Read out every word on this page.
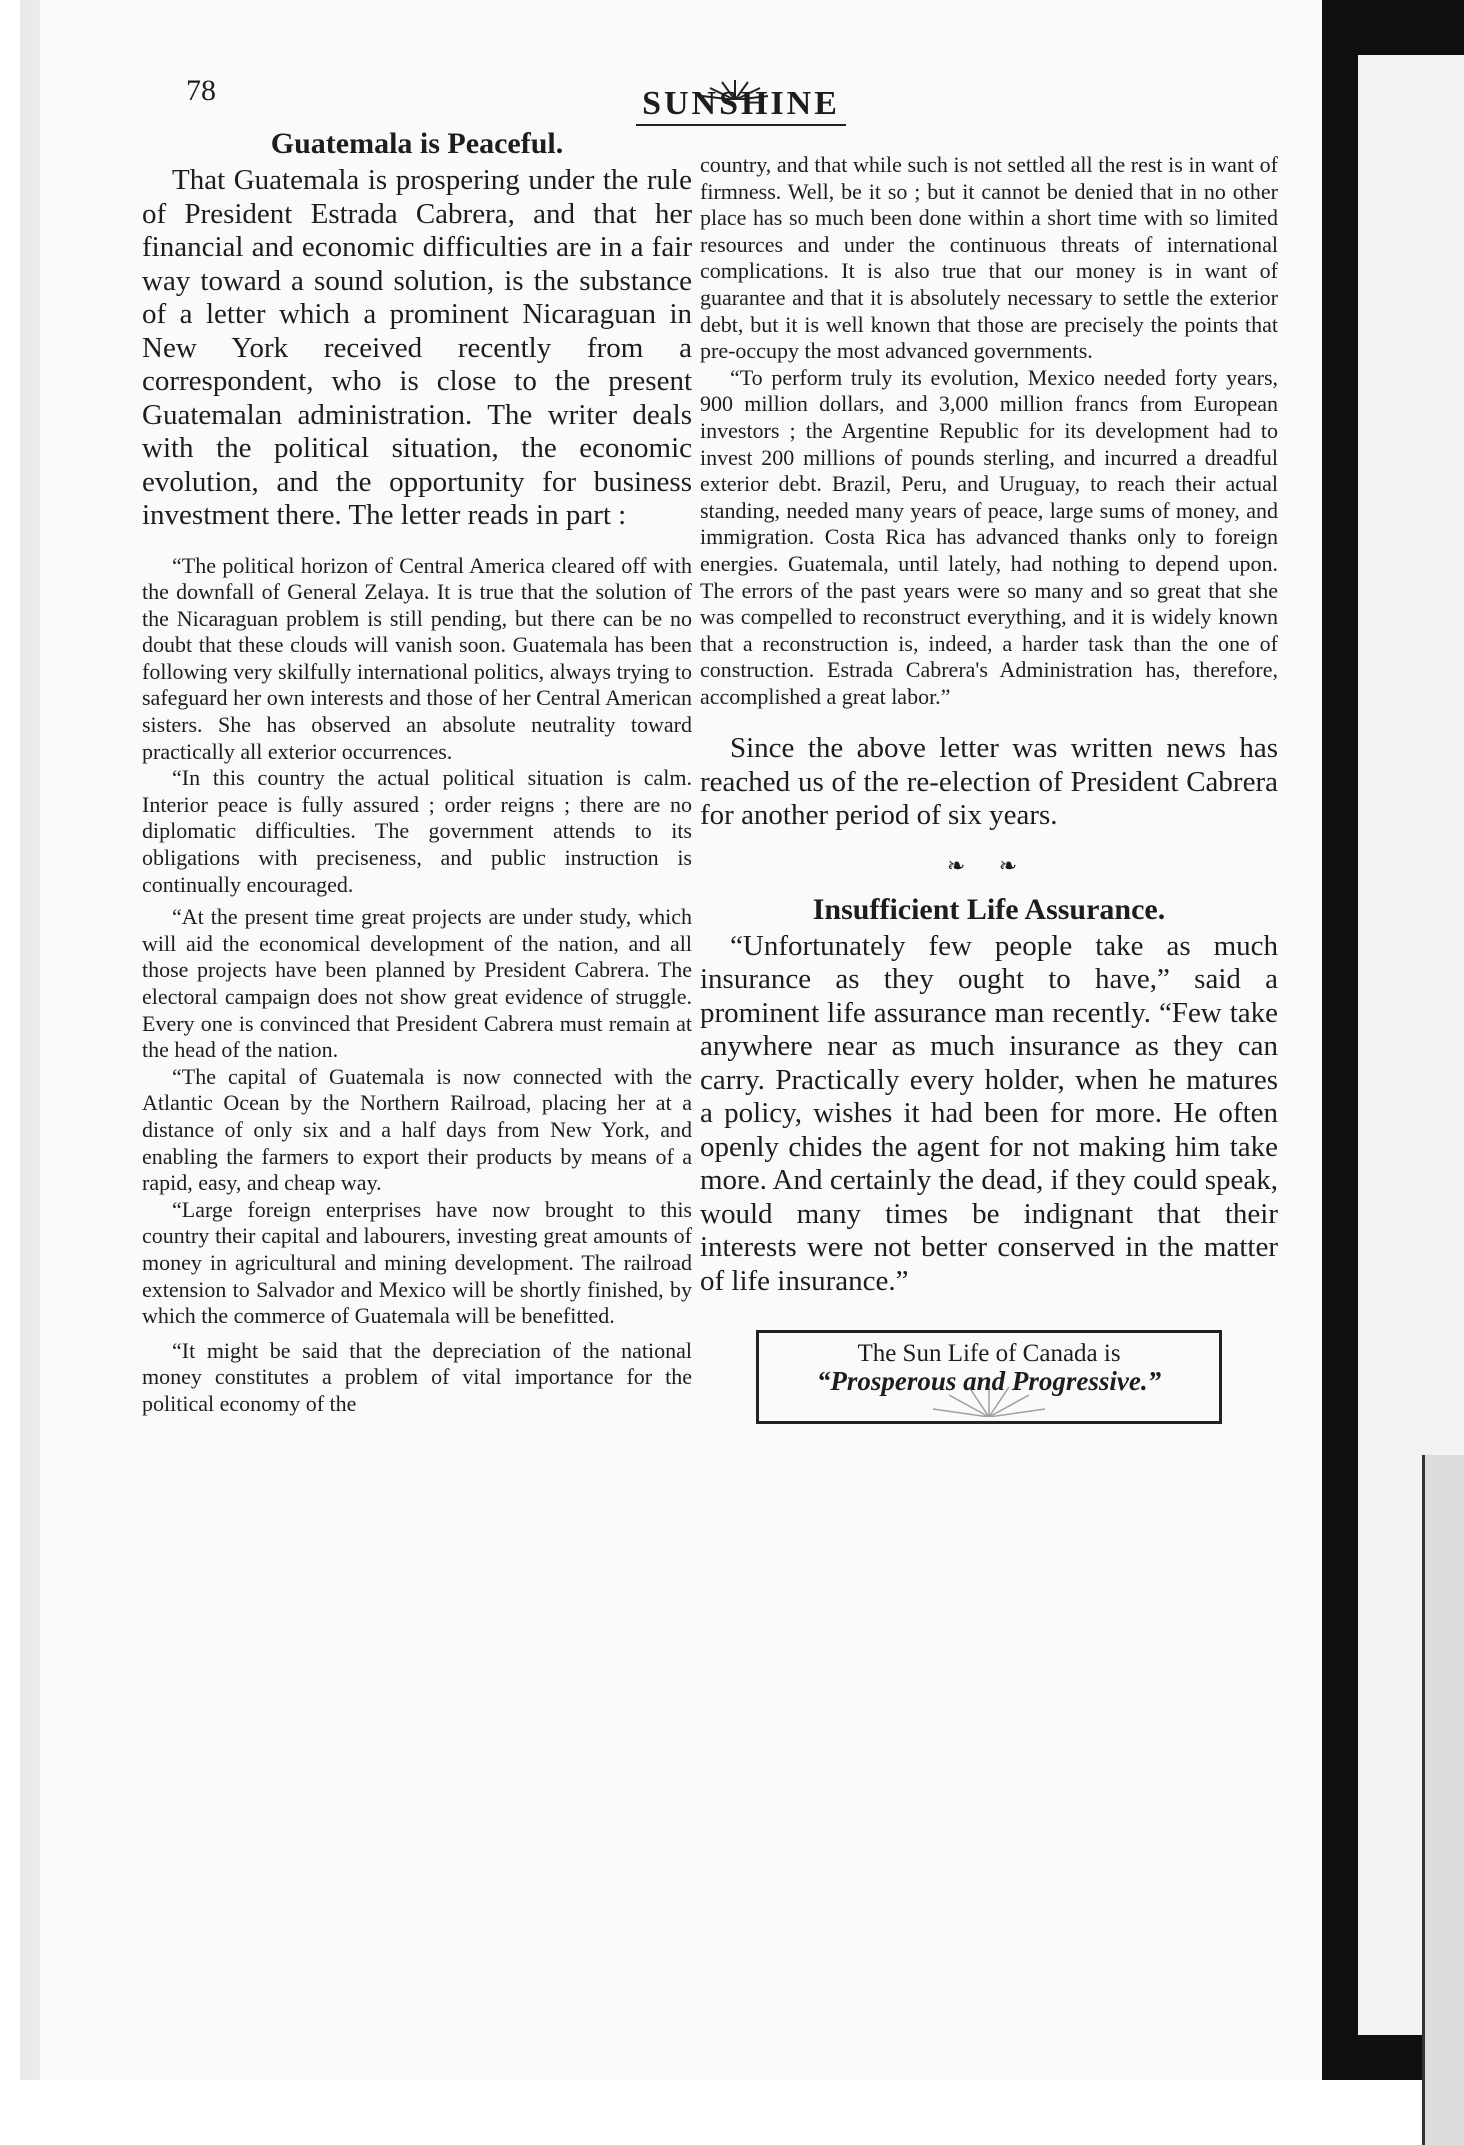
78	SUNSHINE
Guatemala is Peaceful.

That Guatemala is prospering under the rule of President Estrada Cabrera, and that her financial and economic difficulties are in a fair way toward a sound solution, is the substance of a letter which a prominent Nicaraguan in New York received recently from a correspondent, who is close to the present Guatemalan administration. The writer deals with the political situation, the economic evolution, and the opportunity for business investment there. The letter reads in part :

“The political horizon of Central America cleared off with the downfall of General Zelaya. It is true that the solution of the Nicaraguan problem is still pending, but there can be no doubt that these clouds will vanish soon. Guatemala has been following very skilfully international politics, always trying to safeguard her own interests and those of her Central American sisters. She has observed an absolute neutrality toward practically all exterior occurrences.

“In this country the actual political situation is calm. Interior peace is fully assured ; order reigns ; there are no diplomatic difficulties. The government attends to its obligations with preciseness, and public instruction is continually encouraged.

“At the present time great projects are under study, which will aid the economical development of the nation, and all those projects have been planned by President Cabrera. The electoral campaign does not show great evidence of struggle. Every one is convinced that President Cabrera must remain at the head of the nation.

“The capital of Guatemala is now connected with the Atlantic Ocean by the Northern Railroad, placing her at a distance of only six and a half days from New York, and enabling the farmers to export their products by means of a rapid, easy, and cheap way.

“Large foreign enterprises have now brought to this country their capital and labourers, investing great amounts of money in agricultural and mining development. The railroad extension to Salvador and Mexico will be shortly finished, by which the commerce of Guatemala will be benefitted.

“It might be said that the depreciation of the national money constitutes a problem of vital importance for the political economy of the

country, and that while such is not settled all the rest is in want of firmness. Well, be it so ; but it cannot be denied that in no other place has so much been done within a short time with so limited resources and under the continuous threats of international complications. It is also true that our money is in want of guarantee and that it is absolutely necessary to settle the exterior debt, but it is well known that those are precisely the points that pre-occupy the most advanced governments.

“To perform truly its evolution, Mexico needed forty years, 900 million dollars, and 3,000 million francs from European investors ; the Argentine Republic for its development had to invest 200 millions of pounds sterling, and incurred a dreadful exterior debt. Brazil, Peru, and Uruguay, to reach their actual standing, needed many years of peace, large sums of money, and immigration. Costa Rica has advanced thanks only to foreign energies. Guatemala, until lately, had nothing to depend upon. The errors of the past years were so many and so great that she was compelled to reconstruct everything, and it is widely known that a reconstruction is, indeed, a harder task than the one of construction. Estrada Cabrera's Administration has, therefore, accomplished a great labor.”

Since the above letter was written news has reached us of the re-election of President Cabrera for another period of six years.

❧ ❧
Insufficient Life Assurance.

“Unfortunately few people take as much insurance as they ought to have,” said a prominent life assurance man recently. “Few take anywhere near as much insurance as they can carry. Practically every holder, when he matures a policy, wishes it had been for more. He often openly chides the agent for not making him take more. And certainly the dead, if they could speak, would many times be indignant that their interests were not better conserved in the matter of life insurance.”

The Sun Life of Canada is
“Prosperous and Progressive.”
